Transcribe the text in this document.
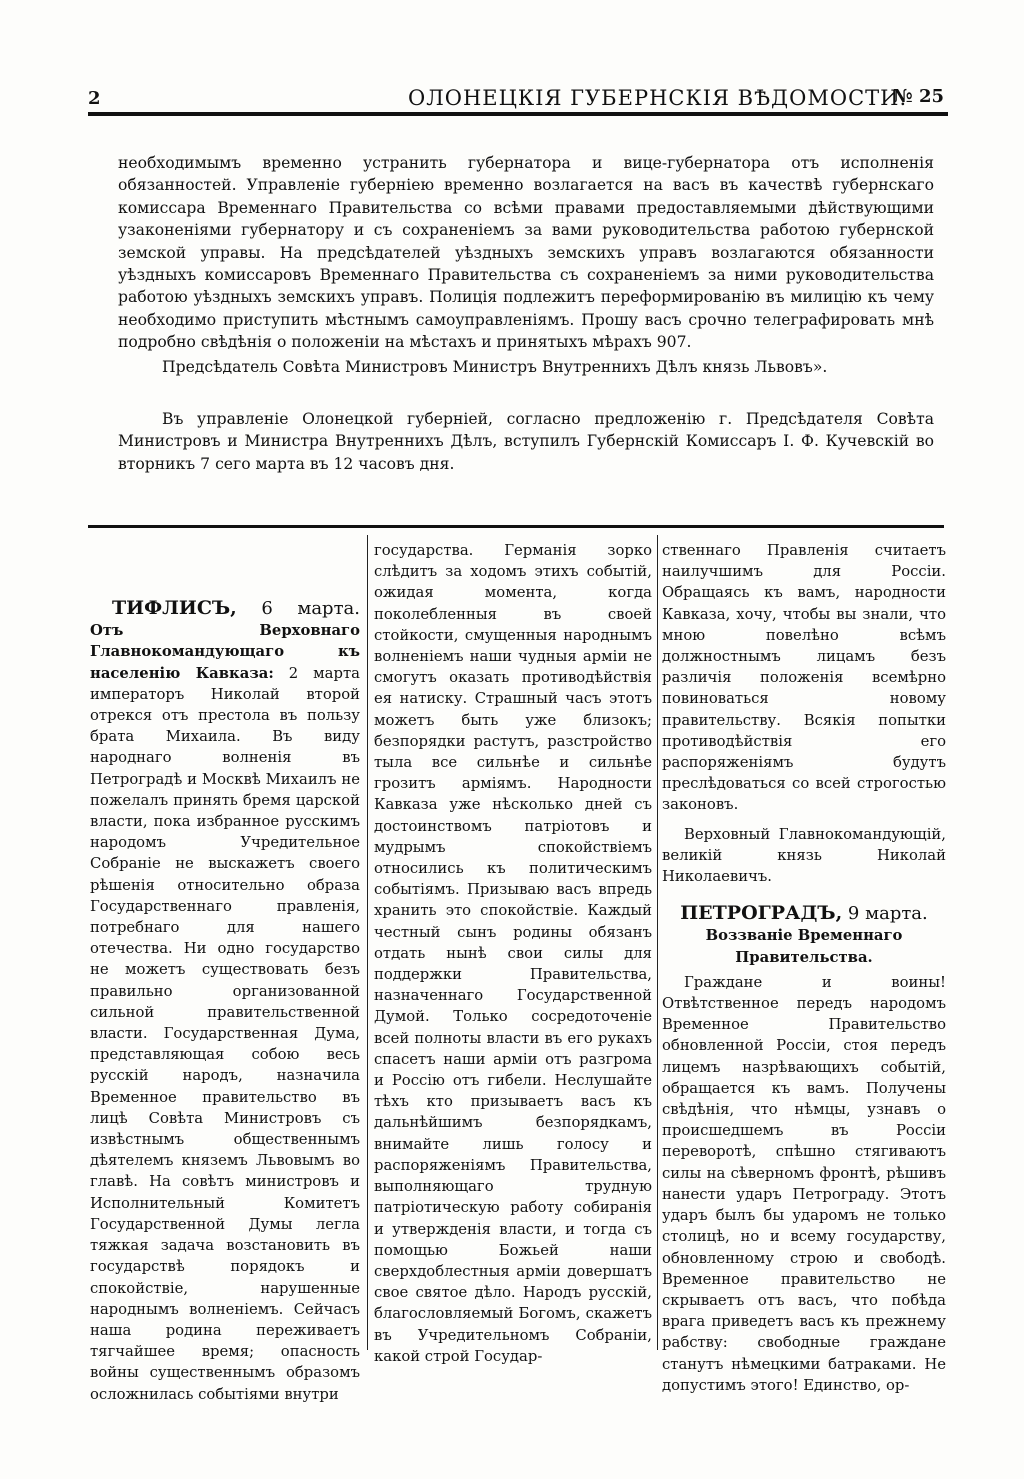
2	ОЛОНЕЦКІЯ ГУБЕРНСКІЯ ВѢДОМОСТИ.
№ 25

необходимымъ временно устранить губернатора и вице-губернатора отъ исполненія обязанностей. Управленіе губерніею временно возлагается на васъ въ качествѣ губернскаго комиссара Временнаго Правительства со всѣми правами предоставляемыми дѣйствующими узаконеніями губернатору и съ сохраненіемъ за вами руководительства работою губернской земской управы. На предсѣдателей уѣздныхъ земскихъ управъ возлагаются обязанности уѣздныхъ комиссаровъ Временнаго Правительства съ сохраненіемъ за ними руководительства работою уѣздныхъ земскихъ управъ. Полиція подлежитъ переформированію въ милицію къ чему необходимо приступить мѣстнымъ самоуправленіямъ. Прошу васъ срочно телеграфировать мнѣ подробно свѣдѣнія о положеніи на мѣстахъ и принятыхъ мѣрахъ 907.

Предсѣдатель Совѣта Министровъ Министръ Внутреннихъ Дѣлъ князь Львовъ».

Въ управленіе Олонецкой губерніей, согласно предложенію г. Предсѣдателя Совѣта Министровъ и Министра Внутреннихъ Дѣлъ, вступилъ Губернскій Комиссаръ І. Ф. Кучевскій во вторникъ 7 сего марта въ 12 часовъ дня.

ТИФЛИСЪ, 6 марта. Отъ Верховнаго Главнокомандующаго къ населенію Кавказа: 2 марта императоръ Николай второй отрекся отъ престола въ пользу брата Михаила. Въ виду народнаго волненія въ Петроградѣ и Москвѣ Михаилъ не пожелалъ принять бремя царской власти, пока избранное русскимъ народомъ Учредительное Собраніе не выскажетъ своего рѣшенія относительно образа Государственнаго правленія, потребнаго для нашего отечества. Ни одно государство не можетъ существовать безъ правильно организованной сильной правительственной власти. Государственная Дума, представляющая собою весь русскій народъ, назначила Временное правительство въ лицѣ Совѣта Министровъ съ извѣстнымъ общественнымъ дѣятелемъ княземъ Львовымъ во главѣ. На совѣтъ министровъ и Исполнительный Комитетъ Государственной Думы легла тяжкая задача возстановить въ государствѣ порядокъ и спокойствіе, нарушенные народнымъ волненіемъ. Сейчасъ наша родина переживаетъ тягчайшее время; опасность войны существеннымъ образомъ осложнилась событіями внутри

государства. Германія зорко слѣдитъ за ходомъ этихъ событій, ожидая момента, когда поколебленныя въ своей стойкости, смущенныя народнымъ волненіемъ наши чудныя арміи не смогутъ оказать противодѣйствія ея натиску. Страшный часъ этотъ можетъ быть уже близокъ; безпорядки растутъ, разстройство тыла все сильнѣе и сильнѣе грозитъ арміямъ. Народности Кавказа уже нѣсколько дней съ достоинствомъ патріотовъ и мудрымъ спокойствіемъ относились къ политическимъ событіямъ. Призываю васъ впредь хранить это спокойствіе. Каждый честный сынъ родины обязанъ отдать нынѣ свои силы для поддержки Правительства, назначеннаго Государственной Думой. Только сосредоточеніе всей полноты власти въ его рукахъ спасетъ наши арміи отъ разгрома и Россію отъ гибели. Неслушайте тѣхъ кто призываетъ васъ къ дальнѣйшимъ безпорядкамъ, внимайте лишь голосу и распоряженіямъ Правительства, выполняющаго трудную патріотическую работу собиранія и утвержденія власти, и тогда съ помощью Божьей наши сверхдоблестныя арміи довершатъ свое святое дѣло. Народъ русскій, благословляемый Богомъ, скажетъ въ Учредительномъ Собраніи, какой строй Государ-

ственнаго Правленія считаетъ наилучшимъ для Россіи. Обращаясь къ вамъ, народности Кавказа, хочу, чтобы вы знали, что мною повелѣно всѣмъ должностнымъ лицамъ безъ различія положенія всемѣрно повиноваться новому правительству. Всякія попытки противодѣйствія его распоряженіямъ будутъ преслѣдоваться со всей строгостью законовъ.

Верховный Главнокомандующій, великій князь Николай Николаевичъ.

ПЕТРОГРАДЪ, 9 марта.

Воззваніе Временнаго Правительства.

Граждане и воины! Отвѣтственное передъ народомъ Временное Правительство обновленной Россіи, стоя передъ лицемъ назрѣвающихъ событій, обращается къ вамъ. Получены свѣдѣнія, что нѣмцы, узнавъ о происшедшемъ въ Россіи переворотѣ, спѣшно стягиваютъ силы на сѣверномъ фронтѣ, рѣшивъ нанести ударъ Петрограду. Этотъ ударъ былъ бы ударомъ не только столицѣ, но и всему государству, обновленному строю и свободѣ. Временное правительство не скрываетъ отъ васъ, что побѣда врага приведетъ васъ къ прежнему рабству: свободные граждане станутъ нѣмецкими батраками. Не допустимъ этого! Единство, ор-
